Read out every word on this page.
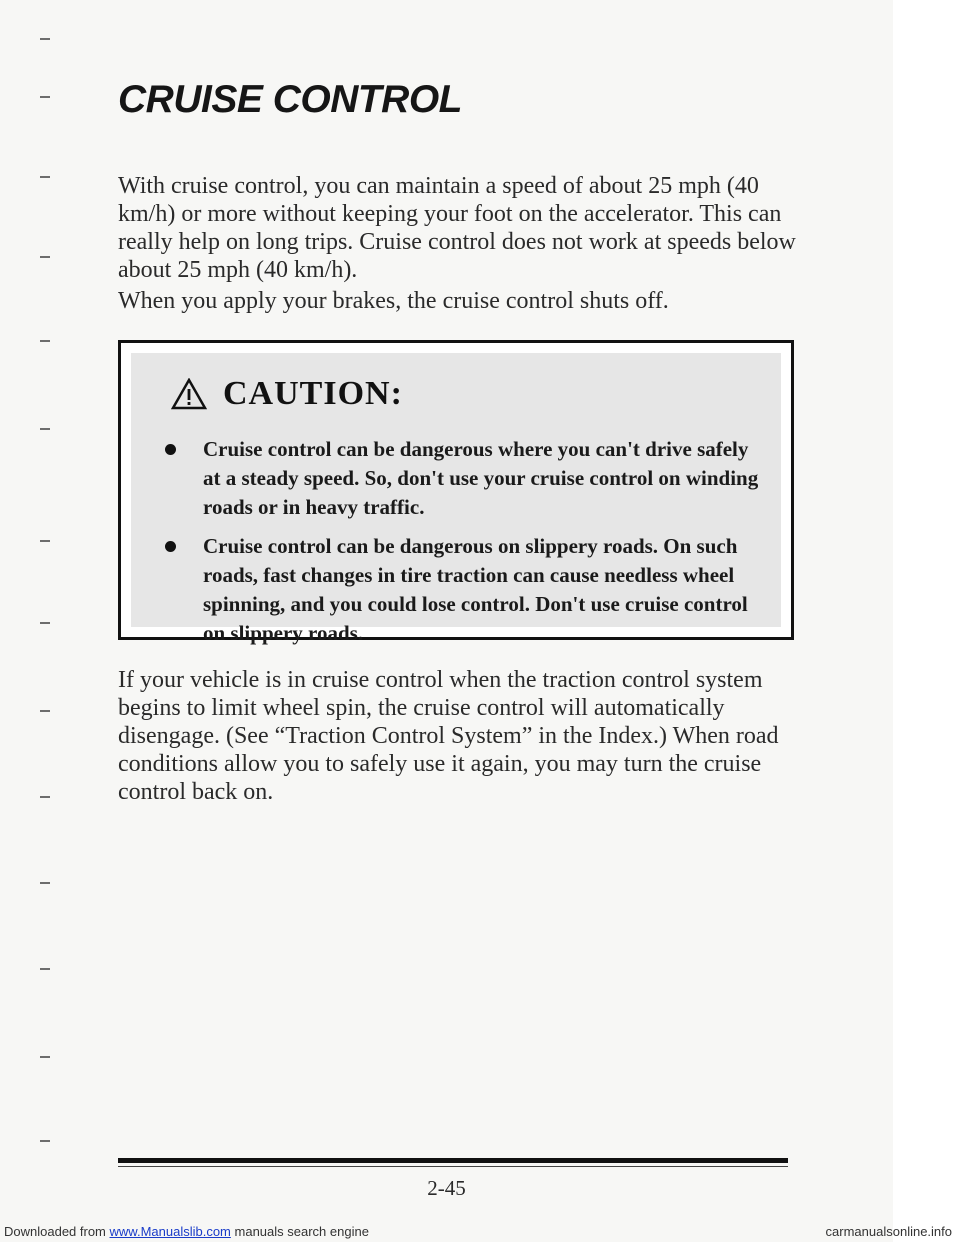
CRUISE CONTROL

With cruise control, you can maintain a speed of about 25 mph (40 km/h) or more without keeping your foot on the accelerator. This can really help on long trips. Cruise control does not work at speeds below about 25 mph (40 km/h).

When you apply your brakes, the cruise control shuts off.

CAUTION:
Cruise control can be dangerous where you can't drive safely at a steady speed. So, don't use your cruise control on winding roads or in heavy traffic.
Cruise control can be dangerous on slippery roads. On such roads, fast changes in tire traction can cause needless wheel spinning, and you could lose control. Don't use cruise control on slippery roads.

If your vehicle is in cruise control when the traction control system begins to limit wheel spin, the cruise control will automatically disengage. (See “Traction Control System” in the Index.) When road conditions allow you to safely use it again, you may turn the cruise control back on.

2-45
Downloaded from www.Manualslib.com manuals search engine	carmanualsonline.info
